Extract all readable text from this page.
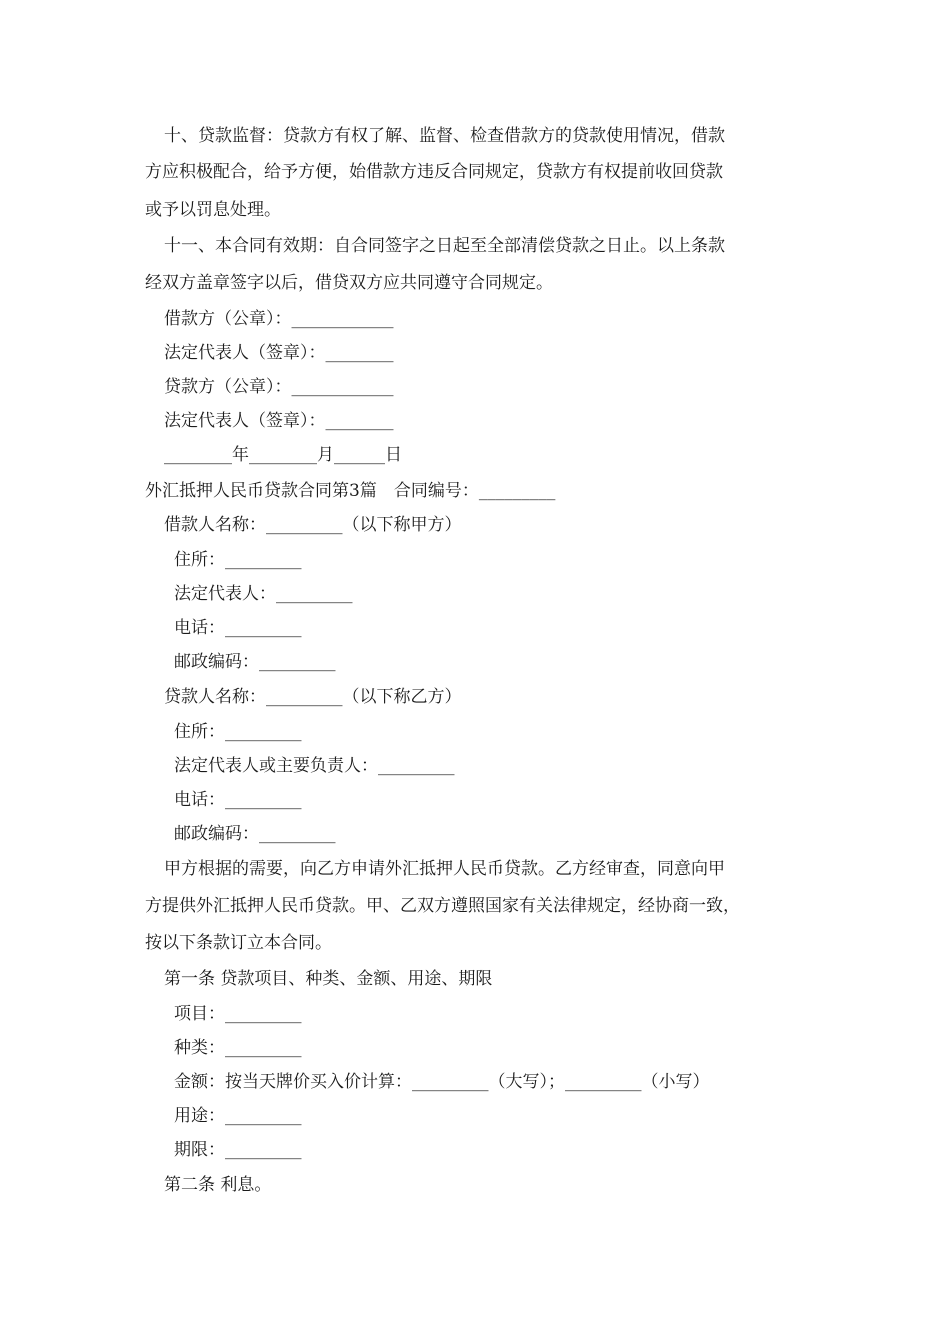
十、贷款监督：贷款方有权了解、监督、检查借款方的贷款使用情况，借款
方应积极配合，给予方便，始借款方违反合同规定，贷款方有权提前收回贷款
或予以罚息处理。
十一、本合同有效期：自合同签字之日起至全部清偿贷款之日止。以上条款
经双方盖章签字以后，借贷双方应共同遵守合同规定。
借款方（公章）：____________
法定代表人（签章）：________
贷款方（公章）：____________
法定代表人（签章）：________
________年________月______日
外汇抵押人民币贷款合同第3篇　合同编号：_________
借款人名称：_________（以下称甲方）
住所：_________
法定代表人：_________
电话：_________
邮政编码：_________
贷款人名称：_________（以下称乙方）
住所：_________
法定代表人或主要负责人：_________
电话：_________
邮政编码：_________
甲方根据的需要，向乙方申请外汇抵押人民币贷款。乙方经审查，同意向甲
方提供外汇抵押人民币贷款。甲、乙双方遵照国家有关法律规定，经协商一致，
按以下条款订立本合同。
第一条 贷款项目、种类、金额、用途、期限
项目：_________
种类：_________
金额：按当天牌价买入价计算：_________（大写）；_________（小写）
用途：_________
期限：_________
第二条 利息。
